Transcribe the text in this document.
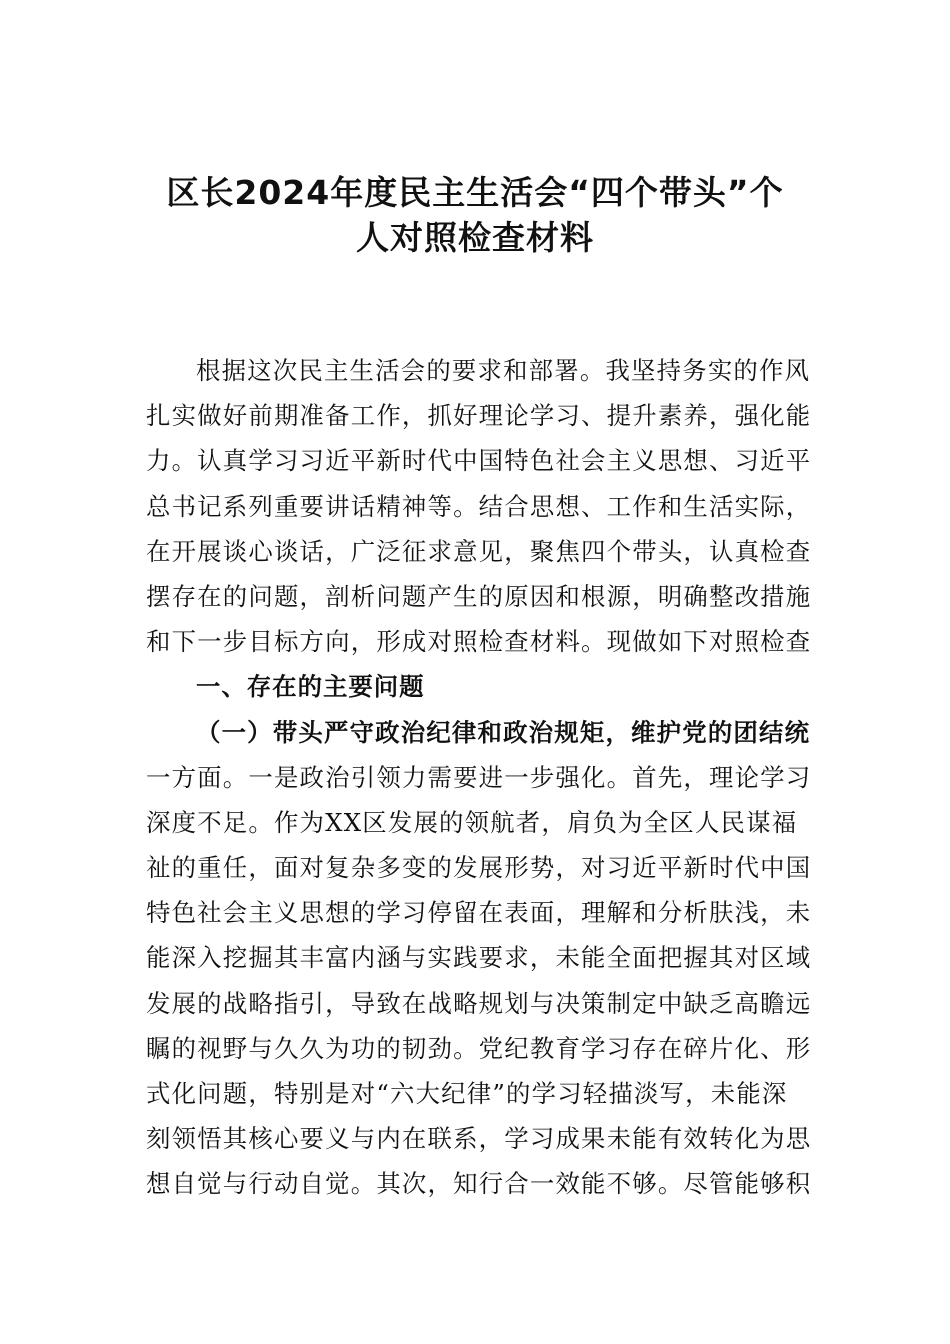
区长2024年度民主生活会“四个带头”个
人对照检查材料
根据这次民主生活会的要求和部署。我坚持务实的作风
扎实做好前期准备工作，抓好理论学习、提升素养，强化能
力。认真学习习近平新时代中国特色社会主义思想、习近平
总书记系列重要讲话精神等。结合思想、工作和生活实际，
在开展谈心谈话，广泛征求意见，聚焦四个带头，认真检查
摆存在的问题，剖析问题产生的原因和根源，明确整改措施
和下一步目标方向，形成对照检查材料。现做如下对照检查
一、存在的主要问题
（一）带头严守政治纪律和政治规矩，维护党的团结统
一方面。一是政治引领力需要进一步强化。首先，理论学习
深度不足。作为XX区发展的领航者，肩负为全区人民谋福
祉的重任，面对复杂多变的发展形势，对习近平新时代中国
特色社会主义思想的学习停留在表面，理解和分析肤浅，未
能深入挖掘其丰富内涵与实践要求，未能全面把握其对区域
发展的战略指引，导致在战略规划与决策制定中缺乏高瞻远
瞩的视野与久久为功的韧劲。党纪教育学习存在碎片化、形
式化问题，特别是对“六大纪律”的学习轻描淡写，未能深
刻领悟其核心要义与内在联系，学习成果未能有效转化为思
想自觉与行动自觉。其次，知行合一效能不够。尽管能够积
